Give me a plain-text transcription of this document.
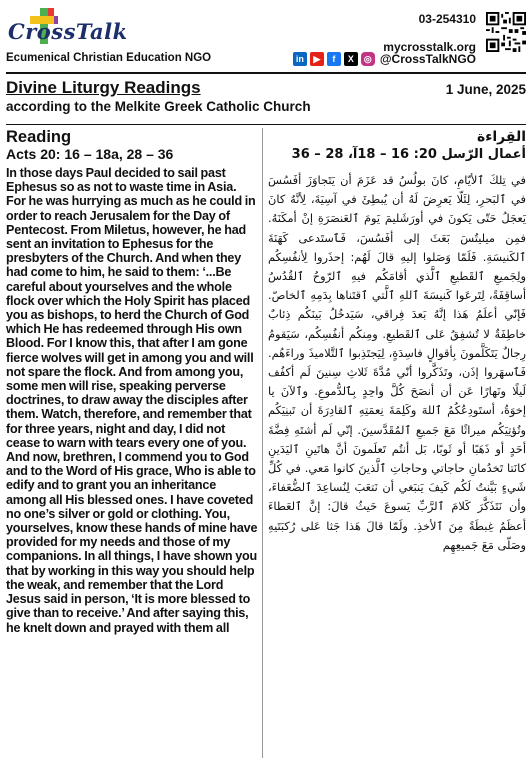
CrossTalk
Ecumenical Christian Education NGO
03-254310
mycrosstalk.org
in	▶	f	X	◎ @CrossTalkNGO
Divine Liturgy Readings
according to the Melkite Greek Catholic Church
1 June, 2025
Reading
Acts 20: 16 – 18a, 28 – 36
In those days Paul decided to sail past Ephesus so as not to waste time in Asia. For he was hurrying as much as he could in order to reach Jerusalem for the Day of Pentecost. From Miletus, however, he had sent an invitation to Ephesus for the presbyters of the Church. And when they had come to him, he said to them: ‘...Be careful about yourselves and the whole flock over which the Holy Spirit has placed you as bishops, to herd the Church of God which He has redeemed through His own Blood. For I know this, that after I am gone fierce wolves will get in among you and will not spare the flock. And from among you, some men will rise, speaking perverse doctrines, to draw away the disciples after them. Watch, therefore, and remember that for three years, night and day, I did not cease to warn with tears every one of you. And now, brethren, I commend you to God and to the Word of His grace, Who is able to edify and to grant you an inheritance among all His blessed ones. I have coveted no one’s silver or gold or clothing. You, yourselves, know these hands of mine have provided for my needs and those of my companions. In all things, I have shown you that by working in this way you should help the weak, and remember that the Lord Jesus said in person, ‘It is more blessed to give than to receive.’ And after saying this, he knelt down and prayed with them all
القِراءة
أعمال الرّسل 20: 16 – 18آ، 28 – 36
في تِلكَ ٱلأيّامِ، كانَ بولُسُ قد عَزَمَ أن يَتَجاوَزَ أفَسُسَ في ٱلبَحرِ، لِئَلّا يَعرِضَ لَهُ أن يُبطِئَ في آسِيَةَ، لِأنَّهُ كانَ يَعجَلُ حَتّى يَكونَ في أورَشَليمَ يَومَ ٱلعَنصَرَةِ إنْ أمكَنَهُ. فمِن ميليتُسَ بَعَثَ إلى أفَسُسَ، فَٱستَدعى كَهَنَةَ ٱلكَنيسَةِ. فَلَمّا وَصَلوا إليهِ قالَ لَهُم: إحذَروا لِأنفُسِكُم ولِجَميعِ ٱلقَطيعِ ٱلَّذي أقامَكُم فيهِ ٱلرّوحُ ٱلقُدُسُ أساقِفَةً، لِتَرعَوا كَنيسَةَ ٱللهِ ٱلَّتي ٱقتَناها بِدَمِهِ ٱلخاصّ. فَإنّي أعلَمُ هَذا إنَّهُ بَعدَ فِراقي، سَيَدخُلُ بَينَكُم ذِئابٌ خاطِفَةٌ لا تُشفِقُ عَلى ٱلقَطيعِ. ومِنكُم أنفُسِكُم، سَيَقومُ رِجالٌ يَتَكَلَّمونَ بِأقوالٍ فاسِدَةٍ، لِيَجتَذِبوا ٱلتَّلاميذَ وراءَهُم. فَٱسهَروا إذَن، وتَذَكَّروا أنّي مُدَّةَ ثَلاثِ سِنينَ لَم أكفُف لَيلًا ونَهارًا عَن أن أنصَحَ كُلَّ واحِدٍ بِٱلدُّموعِ. وٱلآنَ يا إخوَةُ، أستَودِعُكُمُ ٱللهَ وكَلِمَةَ نِعمَتِهِ ٱلقادِرَةَ أن تَبنِيَكُم وتُؤتِيَكُم ميراثًا مَعَ جَميعِ ٱلمُقَدَّسينَ. إنّي لَم أشتَهِ فِضَّةَ أحَدٍ أو ذَهَبًا أو ثَوبًا، بَل أنتُم تَعلَمونَ أنَّ هاتَينِ ٱليَدَينِ كانَتا تَخدُمانِ حاجاتي وحاجاتِ ٱلَّذينَ كانوا مَعي. في كُلِّ شَيءٍ بَيَّنتُ لَكُم كَيفَ يَنبَغي أن نَتعَبَ لِنُساعِدَ ٱلضُّعَفاءَ، وأن نَتَذَكَّرَ كَلامَ ٱلرَّبِّ يَسوعَ حَيثُ قالَ: إنَّ ٱلعَطاءَ أعظَمُ غِبطَةً مِنَ ٱلأخذِ. ولَمّا قالَ هَذا جَثا عَلى رُكبَتَيهِ وصَلّى مَعَ جَميعِهِم
